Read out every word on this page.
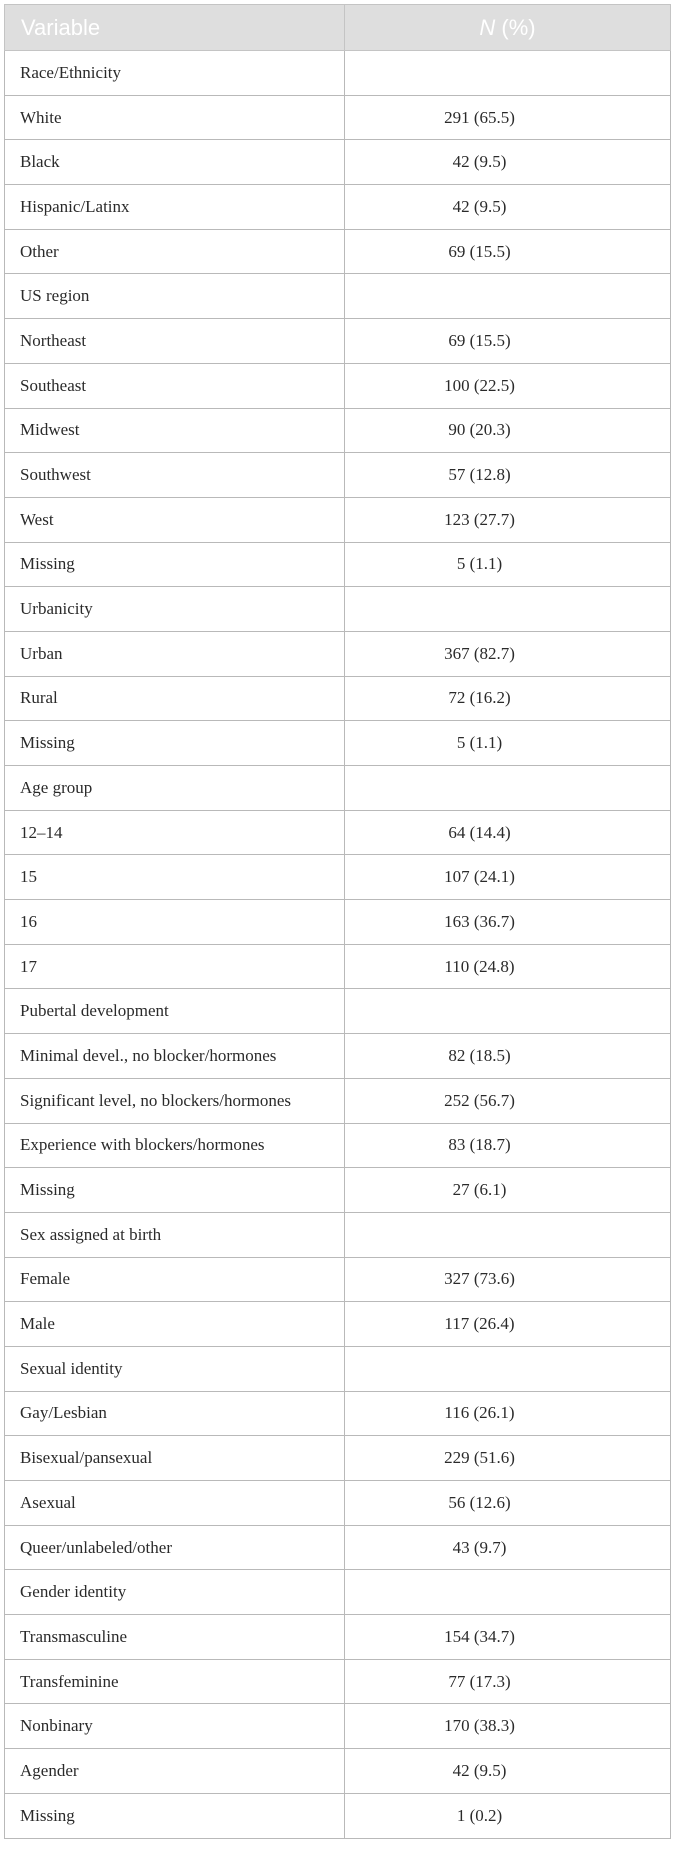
Variable	N (%)
Race/Ethnicity	
White	291 (65.5)
Black	42 (9.5)
Hispanic/Latinx	42 (9.5)
Other	69 (15.5)
US region	
Northeast	69 (15.5)
Southeast	100 (22.5)
Midwest	90 (20.3)
Southwest	57 (12.8)
West	123 (27.7)
Missing	5 (1.1)
Urbanicity	
Urban	367 (82.7)
Rural	72 (16.2)
Missing	5 (1.1)
Age group	
12–14	64 (14.4)
15	107 (24.1)
16	163 (36.7)
17	110 (24.8)
Pubertal development	
Minimal devel., no blocker/hormones	82 (18.5)
Significant level, no blockers/hormones	252 (56.7)
Experience with blockers/hormones	83 (18.7)
Missing	27 (6.1)
Sex assigned at birth	
Female	327 (73.6)
Male	117 (26.4)
Sexual identity	
Gay/Lesbian	116 (26.1)
Bisexual/pansexual	229 (51.6)
Asexual	56 (12.6)
Queer/unlabeled/other	43 (9.7)
Gender identity	
Transmasculine	154 (34.7)
Transfeminine	77 (17.3)
Nonbinary	170 (38.3)
Agender	42 (9.5)
Missing	1 (0.2)
